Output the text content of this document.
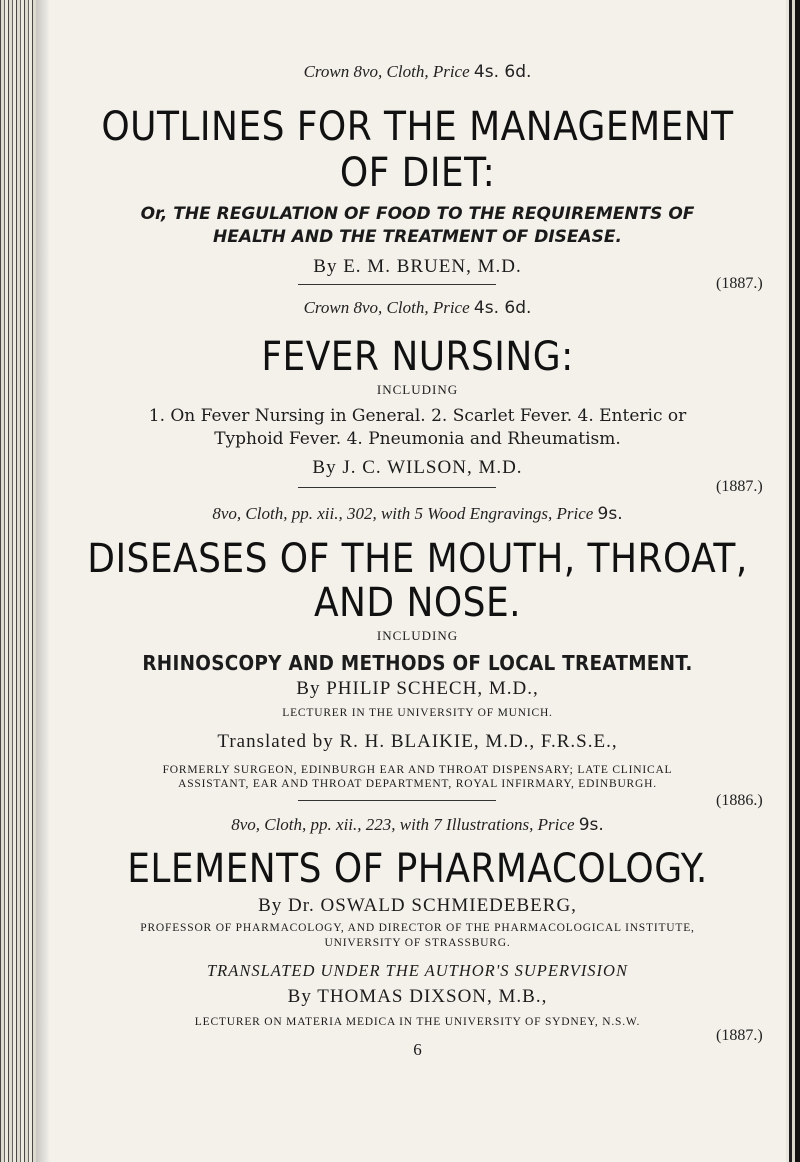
Crown 8vo, Cloth, Price 4s. 6d.
OUTLINES FOR THE MANAGEMENT
OF DIET:
Or, THE REGULATION OF FOOD TO THE REQUIREMENTS OF
HEALTH AND THE TREATMENT OF DISEASE.
By E. M. BRUEN, M.D.
(1887.)
Crown 8vo, Cloth, Price 4s. 6d.
FEVER NURSING:
INCLUDING
1. On Fever Nursing in General. 2. Scarlet Fever. 4. Enteric or
Typhoid Fever. 4. Pneumonia and Rheumatism.
By J. C. WILSON, M.D.
(1887.)
8vo, Cloth, pp. xii., 302, with 5 Wood Engravings, Price 9s.
DISEASES OF THE MOUTH, THROAT,
AND NOSE.
INCLUDING
RHINOSCOPY AND METHODS OF LOCAL TREATMENT.
By PHILIP SCHECH, M.D.,
LECTURER IN THE UNIVERSITY OF MUNICH.
Translated by R. H. BLAIKIE, M.D., F.R.S.E.,
FORMERLY SURGEON, EDINBURGH EAR AND THROAT DISPENSARY; LATE CLINICAL
ASSISTANT, EAR AND THROAT DEPARTMENT, ROYAL INFIRMARY, EDINBURGH.
(1886.)
8vo, Cloth, pp. xii., 223, with 7 Illustrations, Price 9s.
ELEMENTS OF PHARMACOLOGY.
By Dr. OSWALD SCHMIEDEBERG,
PROFESSOR OF PHARMACOLOGY, AND DIRECTOR OF THE PHARMACOLOGICAL INSTITUTE,
UNIVERSITY OF STRASSBURG.
TRANSLATED UNDER THE AUTHOR'S SUPERVISION
By THOMAS DIXSON, M.B.,
LECTURER ON MATERIA MEDICA IN THE UNIVERSITY OF SYDNEY, N.S.W.
(1887.)
6
